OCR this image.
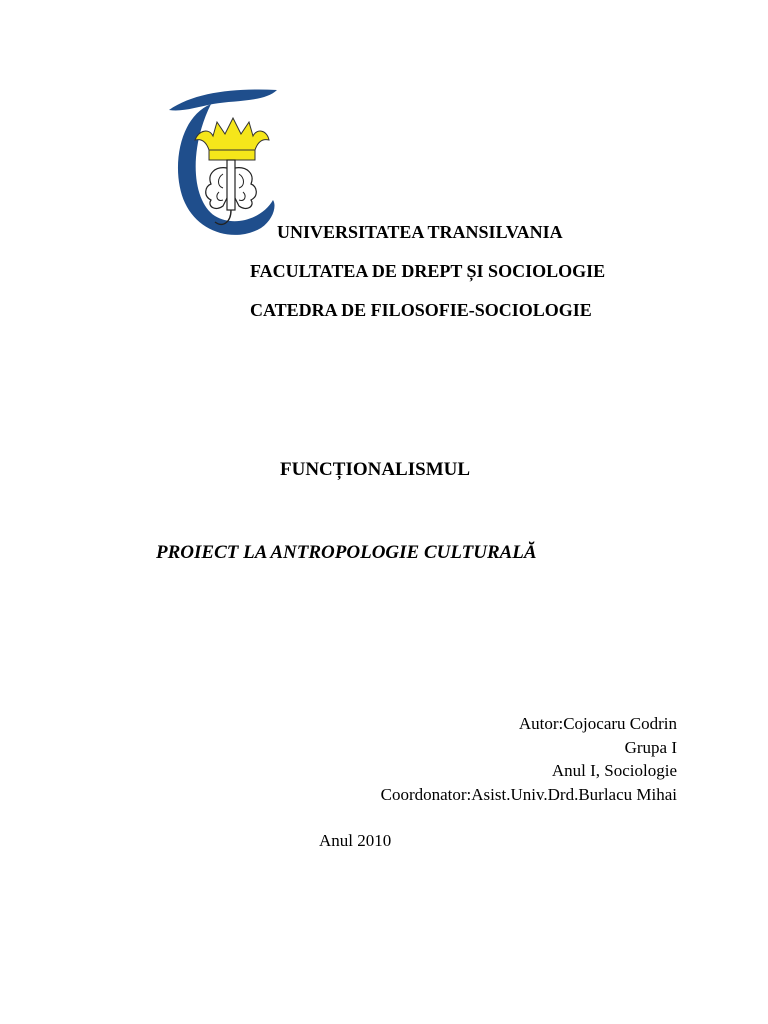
UNIVERSITATEA TRANSILVANIA
FACULTATEA DE DREPT ȘI SOCIOLOGIE
CATEDRA DE FILOSOFIE-SOCIOLOGIE
FUNCȚIONALISMUL
PROIECT LA ANTROPOLOGIE CULTURALĂ
Autor:Cojocaru Codrin
Grupa I
Anul I, Sociologie
Coordonator:Asist.Univ.Drd.Burlacu Mihai
Anul 2010
